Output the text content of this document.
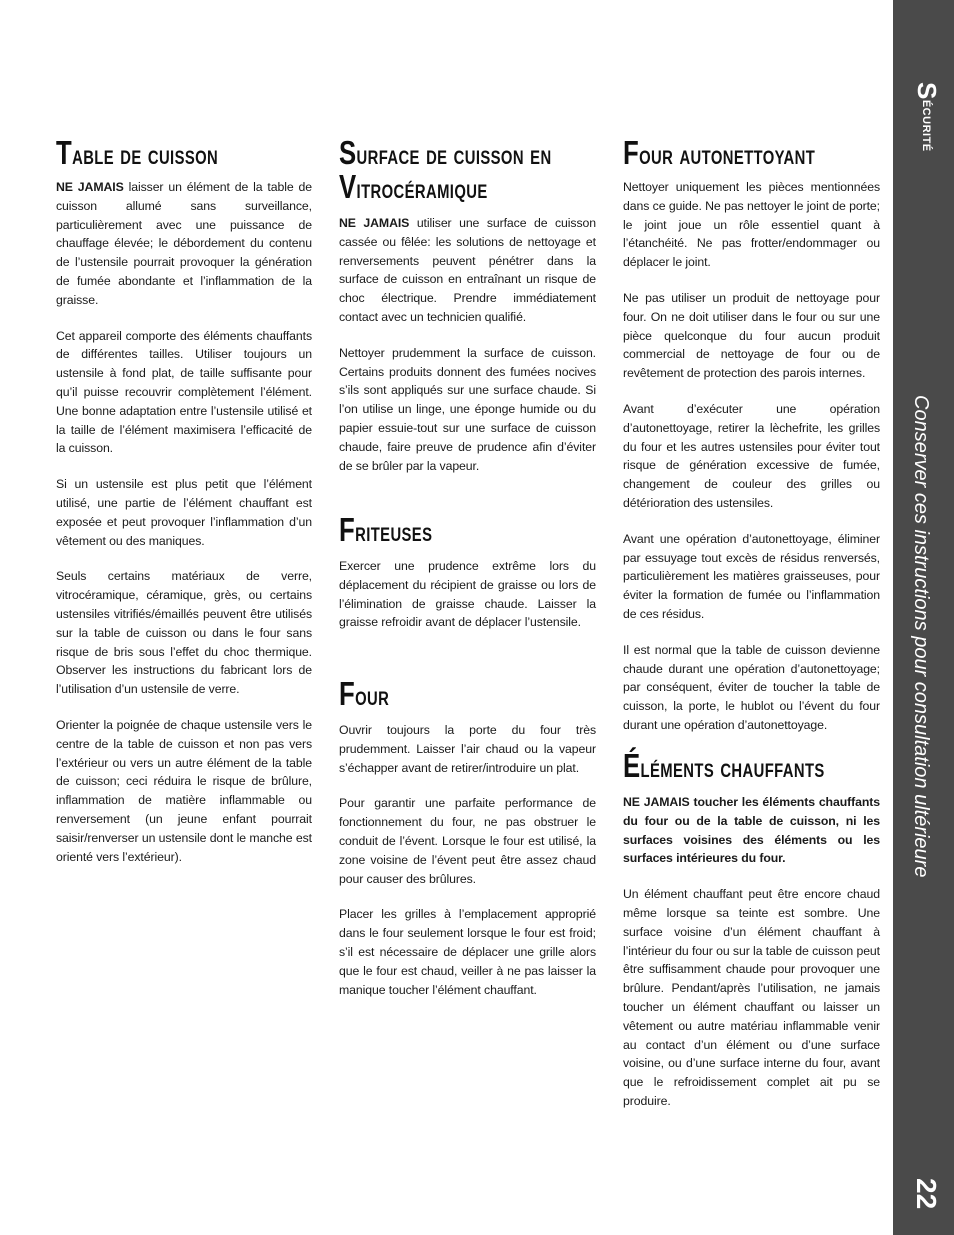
Table de cuisson

NE JAMAIS laisser un élément de la table de cuisson allumé sans surveillance, particulièrement avec une puissance de chauffage élevée; le débordement du contenu de l’ustensile pourrait provoquer la génération de fumée abondante et l’inflammation de la graisse.

Cet appareil comporte des éléments chauffants de différentes tailles. Utiliser toujours un ustensile à fond plat, de taille suffisante pour qu’il puisse recouvrir complètement l’élément. Une bonne adaptation entre l’ustensile utilisé et la taille de l’élément maximisera l’efficacité de la cuisson.

Si un ustensile est plus petit que l’élément utilisé, une partie de l’élément chauffant est exposée et peut provoquer l’inflammation d’un vêtement ou des maniques.

Seuls certains matériaux de verre, vitrocéramique, céramique, grès, ou certains ustensiles vitrifiés/émaillés peuvent être utilisés sur la table de cuisson ou dans le four sans risque de bris sous l’effet du choc thermique. Observer les instructions du fabricant lors de l’utilisation d’un ustensile de verre.

Orienter la poignée de chaque ustensile vers le centre de la table de cuisson et non pas vers l’extérieur ou vers un autre élément de la table de cuisson; ceci réduira le risque de brûlure, inflammation de matière inflammable ou renversement (un jeune enfant pourrait saisir/renverser un ustensile dont le manche est orienté vers l’extérieur).

Surface de cuisson en
Vitrocéramique

NE JAMAIS utiliser une surface de cuisson cassée ou fêlée: les solutions de nettoyage et renversements peuvent pénétrer dans la surface de cuisson en entraînant un risque de choc électrique. Prendre immédiatement contact avec un technicien qualifié.

Nettoyer prudemment la surface de cuisson. Certains produits donnent des fumées nocives s’ils sont appliqués sur une surface chaude. Si l’on utilise un linge, une éponge humide ou du papier essuie-tout sur une surface de cuisson chaude, faire preuve de prudence afin d’éviter de se brûler par la vapeur.

Friteuses

Exercer une prudence extrême lors du déplacement du récipient de graisse ou lors de l’élimination de graisse chaude. Laisser la graisse refroidir avant de déplacer l’ustensile.

Four

Ouvrir toujours la porte du four très prudemment. Laisser l’air chaud ou la vapeur s’échapper avant de retirer/introduire un plat.

Pour garantir une parfaite performance de fonctionnement du four, ne pas obstruer le conduit de l’évent. Lorsque le four est utilisé, la zone voisine de l’évent peut être assez chaud pour causer des brûlures.

Placer les grilles à l’emplacement approprié dans le four seulement lorsque le four est froid; s’il est nécessaire de déplacer une grille alors que le four est chaud, veiller à ne pas laisser la manique toucher l’élément chauffant.

Four autonettoyant

Nettoyer uniquement les pièces mentionnées dans ce guide. Ne pas nettoyer le joint de porte; le joint joue un rôle essentiel quant à l’étanchéité. Ne pas frotter/endommager ou déplacer le joint.

Ne pas utiliser un produit de nettoyage pour four. On ne doit utiliser dans le four ou sur une pièce quelconque du four aucun produit commercial de nettoyage de four ou de revêtement de protection des parois internes.

Avant d’exécuter une opération d’autonettoyage, retirer la lèchefrite, les grilles du four et les autres ustensiles pour éviter tout risque de génération excessive de fumée, changement de couleur des grilles ou détérioration des ustensiles.

Avant une opération d’autonettoyage, éliminer par essuyage tout excès de résidus renversés, particulièrement les matières graisseuses, pour éviter la formation de fumée ou l’inflammation de ces résidus.

Il est normal que la table de cuisson devienne chaude durant une opération d’autonettoyage; par conséquent, éviter de toucher la table de cuisson, la porte, le hublot ou l’évent du four durant une opération d’autonettoyage.

Éléments chauffants

NE JAMAIS toucher les éléments chauffants du four ou de la table de cuisson, ni les surfaces voisines des éléments ou les surfaces intérieures du four.

Un élément chauffant peut être encore chaud même lorsque sa teinte est sombre. Une surface voisine d’un élément chauffant à l’intérieur du four ou sur la table de cuisson peut être suffisamment chaude pour provoquer une brûlure. Pendant/après l’utilisation, ne jamais toucher un élément chauffant ou laisser un vêtement ou autre matériau inflammable venir au contact d’un élément ou d’une surface voisine, ou d’une surface interne du four, avant que le refroidissement complet ait pu se produire.

Sécurité
Conserver ces instructions pour consultation ultérieure
22
